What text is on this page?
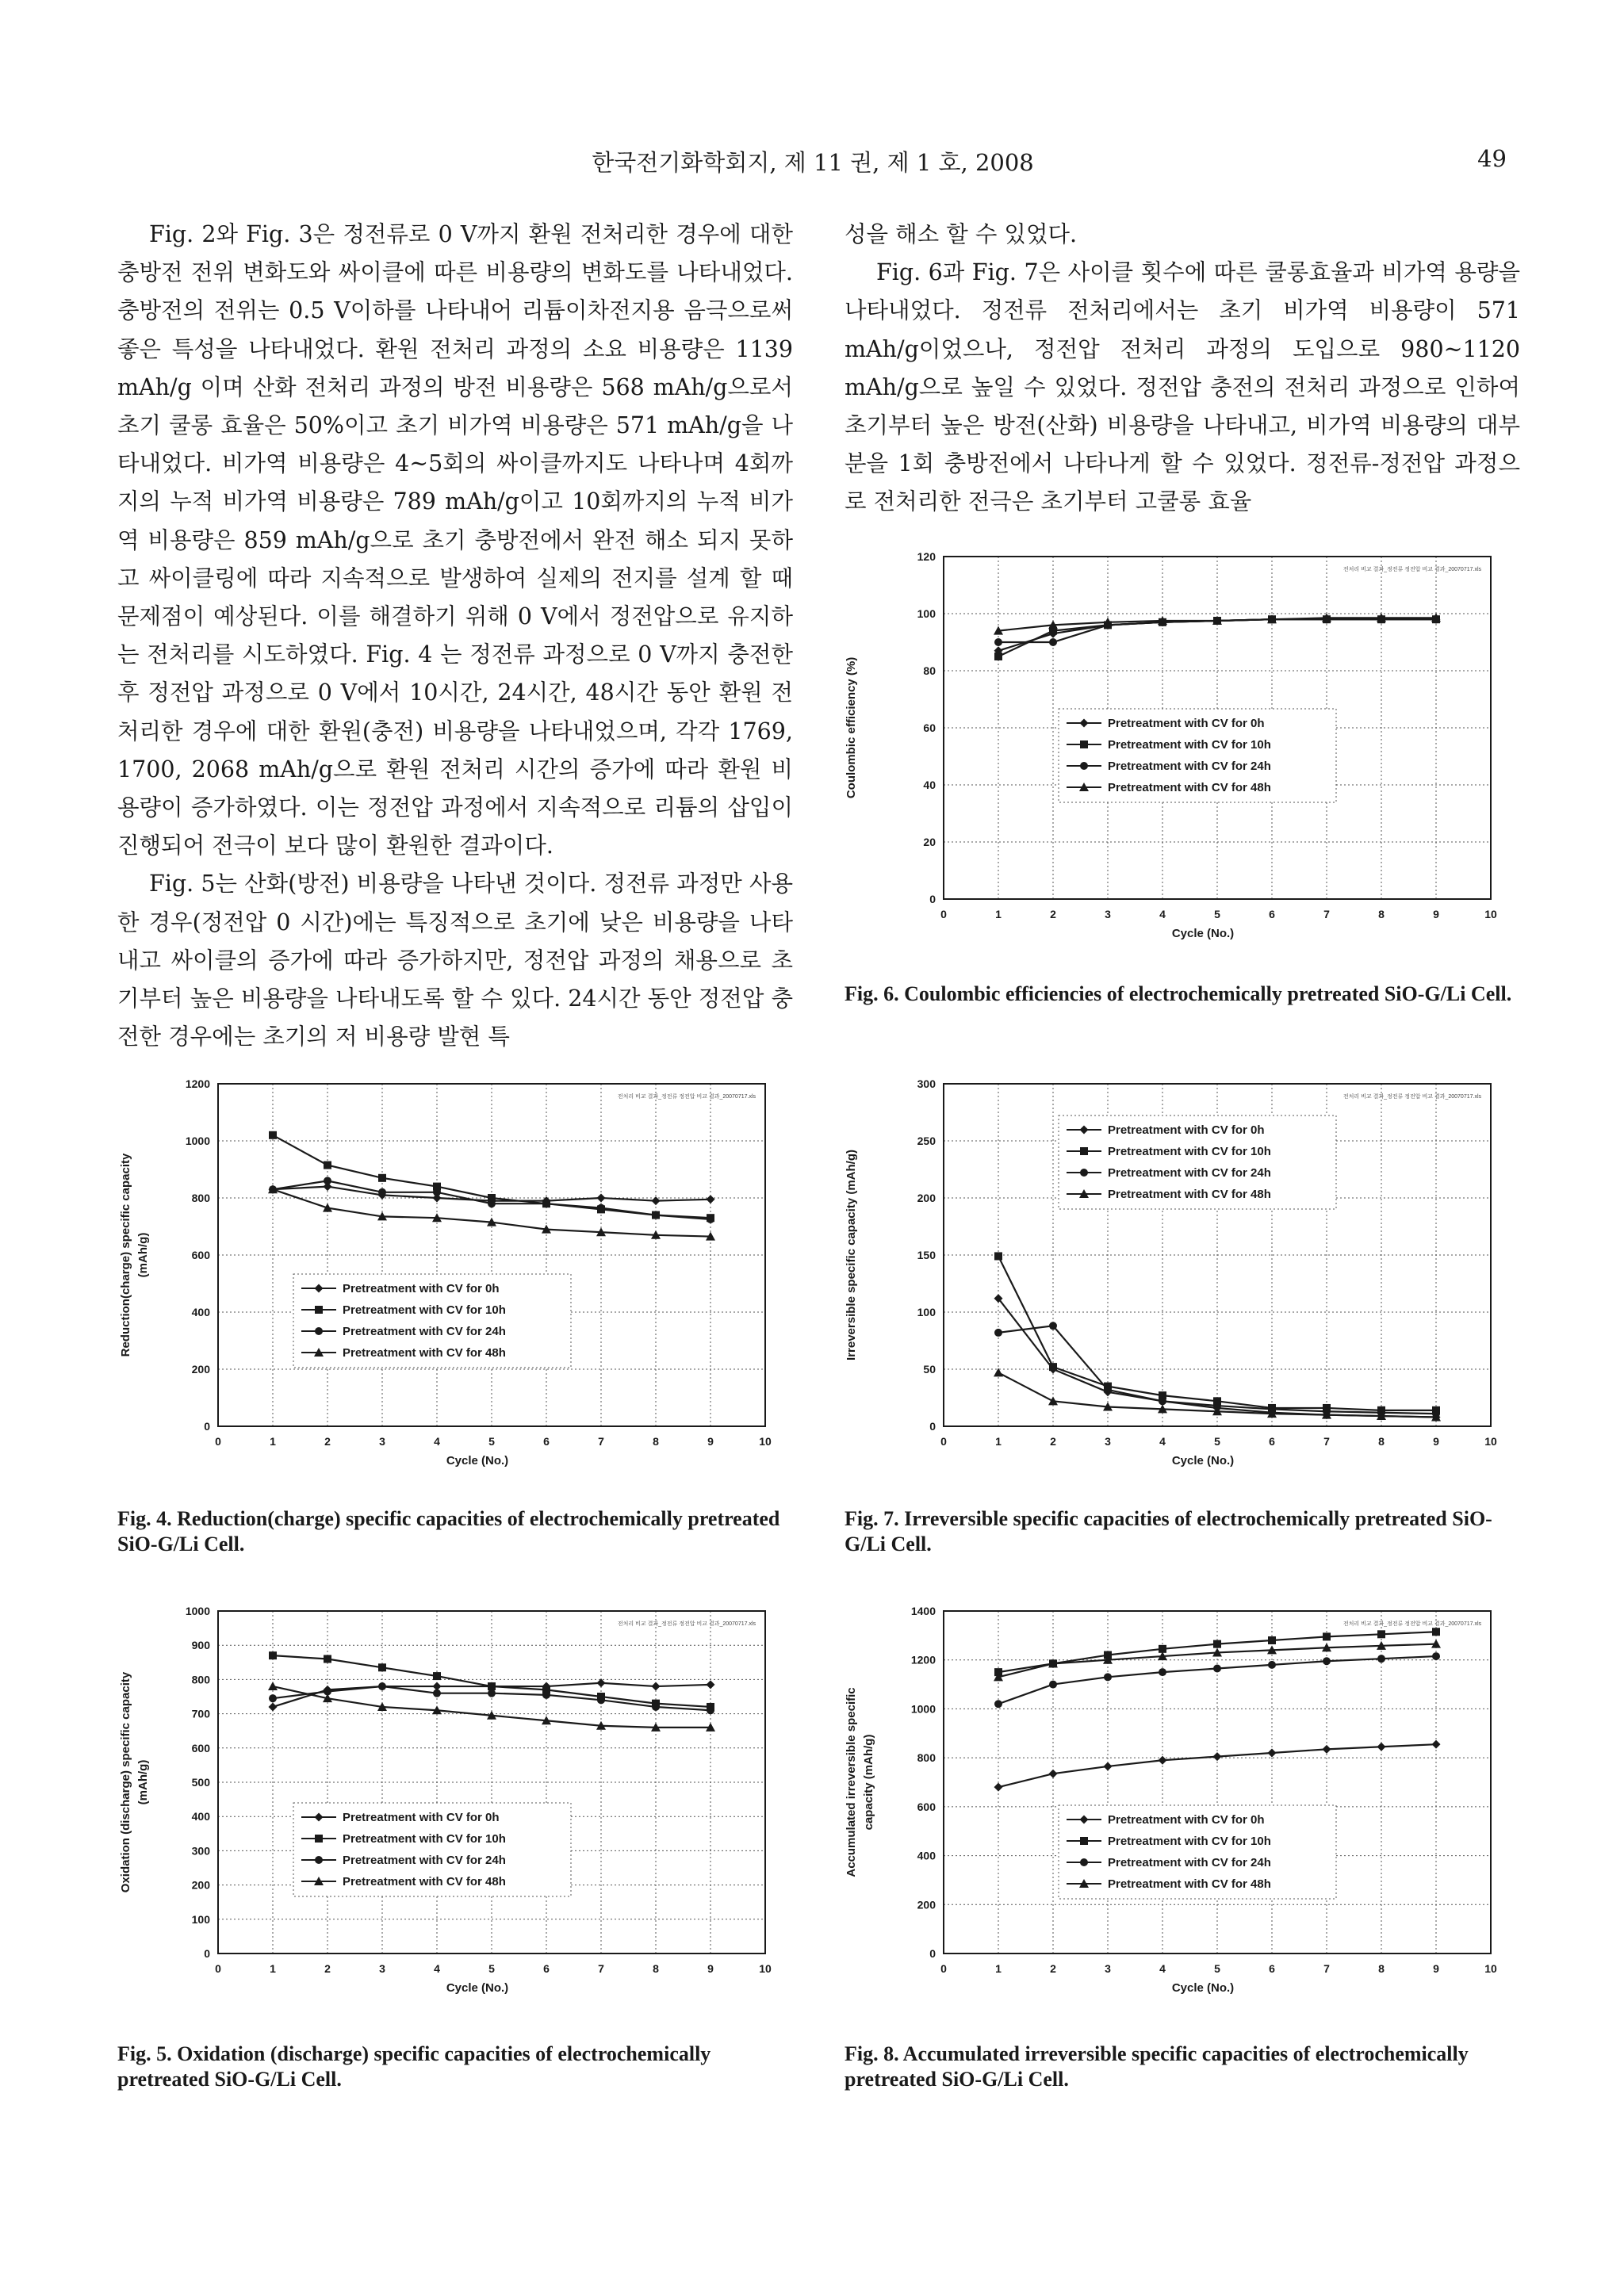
한국전기화학회지, 제 11 권, 제 1 호, 2008	49

Fig. 2와 Fig. 3은 정전류로 0 V까지 환원 전처리한 경우에 대한 충방전 전위 변화도와 싸이클에 따른 비용량의 변화도를 나타내었다. 충방전의 전위는 0.5 V이하를 나타내어 리튬이차전지용 음극으로써 좋은 특성을 나타내었다. 환원 전처리 과정의 소요 비용량은 1139 mAh/g 이며 산화 전처리 과정의 방전 비용량은 568 mAh/g으로서 초기 쿨롱 효율은 50%이고 초기 비가역 비용량은 571 mAh/g을 나타내었다. 비가역 비용량은 4~5회의 싸이클까지도 나타나며 4회까지의 누적 비가역 비용량은 789 mAh/g이고 10회까지의 누적 비가역 비용량은 859 mAh/g으로 초기 충방전에서 완전 해소 되지 못하고 싸이클링에 따라 지속적으로 발생하여 실제의 전지를 설계 할 때 문제점이 예상된다. 이를 해결하기 위해 0 V에서 정전압으로 유지하는 전처리를 시도하였다. Fig. 4 는 정전류 과정으로 0 V까지 충전한 후 정전압 과정으로 0 V에서 10시간, 24시간, 48시간 동안 환원 전처리한 경우에 대한 환원(충전) 비용량을 나타내었으며, 각각 1769, 1700, 2068 mAh/g으로 환원 전처리 시간의 증가에 따라 환원 비용량이 증가하였다. 이는 정전압 과정에서 지속적으로 리튬의 삽입이 진행되어 전극이 보다 많이 환원한 결과이다.

Fig. 5는 산화(방전) 비용량을 나타낸 것이다. 정전류 과정만 사용한 경우(정전압 0 시간)에는 특징적으로 초기에 낮은 비용량을 나타내고 싸이클의 증가에 따라 증가하지만, 정전압 과정의 채용으로 초기부터 높은 비용량을 나타내도록 할 수 있다. 24시간 동안 정전압 충전한 경우에는 초기의 저 비용량 발현 특

성을 해소 할 수 있었다.

Fig. 6과 Fig. 7은 사이클 횟수에 따른 쿨롱효율과 비가역 용량을 나타내었다. 정전류 전처리에서는 초기 비가역 비용량이 571 mAh/g이었으나, 정전압 전처리 과정의 도입으로 980~1120 mAh/g으로 높일 수 있었다. 정전압 충전의 전처리 과정으로 인하여 초기부터 높은 방전(산화) 비용량을 나타내고, 비가역 비용량의 대부분을 1회 충방전에서 나타나게 할 수 있었다. 정전류-정전압 과정으로 전처리한 전극은 초기부터 고쿨롱 효율

0
20
40
60
80
100
120
0	1	2	3	4	5	6	7	8	9	10
Cycle (No.)
Coulombic efficiency (%)
전처리 비교 결과_정전류 정전압 비교 결과_20070717.xls
Pretreatment with CV for 0h
Pretreatment with CV for 10h
Pretreatment with CV for 24h
Pretreatment with CV for 48h
Fig. 6. Coulombic efficiencies of electrochemically pretreated SiO-G/Li Cell.
0
200
400
600
800
1000
1200
0	1	2	3	4	5	6	7	8	9	10
Cycle (No.)
Reduction(charge) specific capacity (mAh/g)
전처리 비교 결과_정전류 정전압 비교 결과_20070717.xls
Pretreatment with CV for 0h
Pretreatment with CV for 10h
Pretreatment with CV for 24h
Pretreatment with CV for 48h
Fig. 4. Reduction(charge) specific capacities of electrochemically pretreated SiO-G/Li Cell.
0
50
100
150
200
250
300
0	1	2	3	4	5	6	7	8	9	10
Cycle (No.)
Irreversible specific capacity (mAh/g)
전처리 비교 결과_정전류 정전압 비교 결과_20070717.xls
Pretreatment with CV for 0h
Pretreatment with CV for 10h
Pretreatment with CV for 24h
Pretreatment with CV for 48h
Fig. 7. Irreversible specific capacities of electrochemically pretreated SiO-G/Li Cell.
0
100
200
300
400
500
600
700
800
900
1000
0	1	2	3	4	5	6	7	8	9	10
Cycle (No.)
Oxidation (discharge) specific capacity (mAh/g)
전처리 비교 결과_정전류 정전압 비교 결과_20070717.xls
Pretreatment with CV for 0h
Pretreatment with CV for 10h
Pretreatment with CV for 24h
Pretreatment with CV for 48h
Fig. 5. Oxidation (discharge) specific capacities of electrochemically pretreated SiO-G/Li Cell.
0
200
400
600
800
1000
1200
1400
0	1	2	3	4	5	6	7	8	9	10
Cycle (No.)
Accumulated irreversible specific capacity (mAh/g)
전처리 비교 결과_정전류 정전압 비교 결과_20070717.xls
Pretreatment with CV for 0h
Pretreatment with CV for 10h
Pretreatment with CV for 24h
Pretreatment with CV for 48h
Fig. 8. Accumulated irreversible specific capacities of electrochemically pretreated SiO-G/Li Cell.
